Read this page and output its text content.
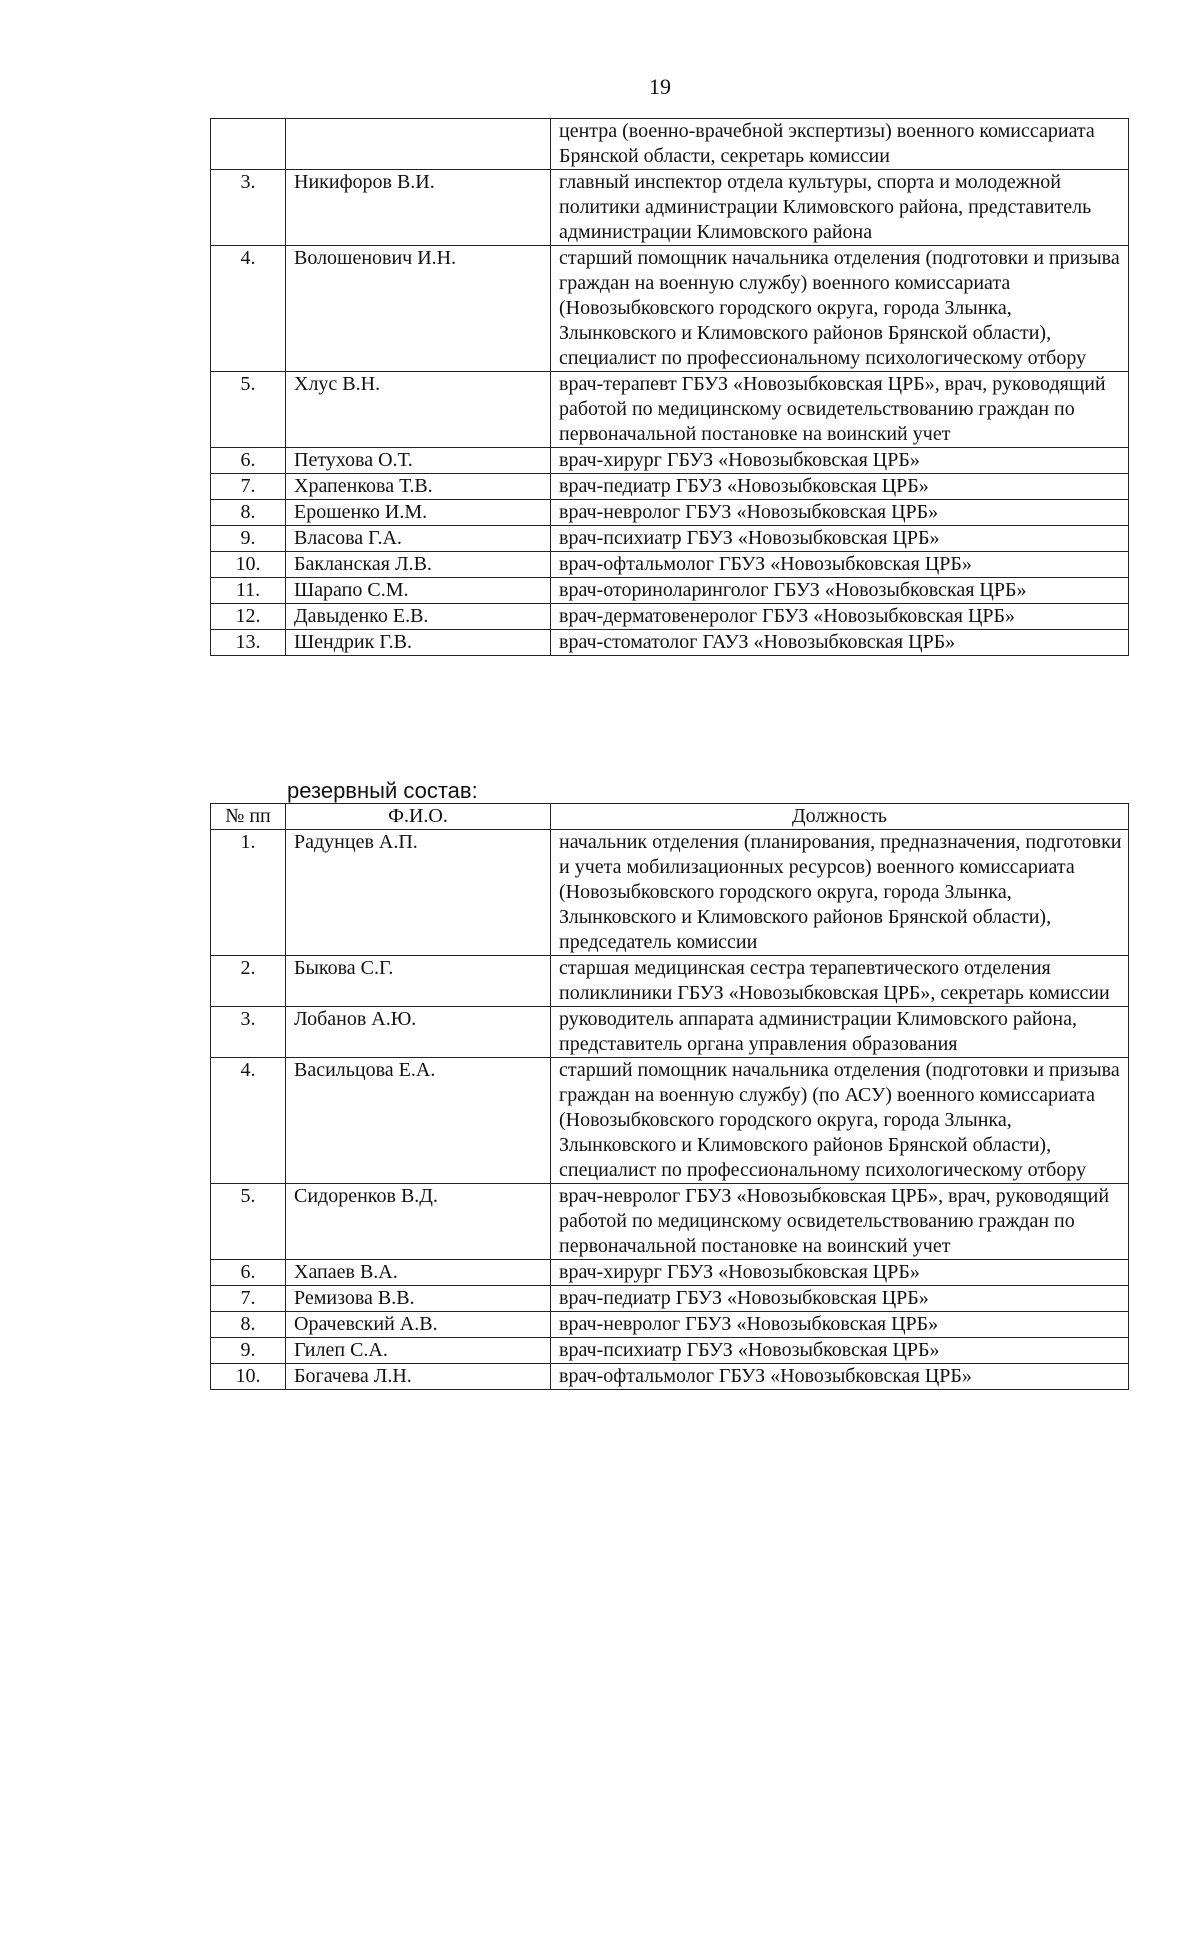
19
		центра (военно-врачебной экспертизы) военного комиссариата Брянской области, секретарь комиссии
3.	Никифоров В.И.	главный инспектор отдела культуры, спорта и молодежной политики администрации Климовского района, представитель администрации Климовского района
4.	Волошенович И.Н.	старший помощник начальника отделения (подготовки и призыва граждан на военную службу) военного комиссариата (Новозыбковского городского округа, города Злынка, Злынковского и Климовского районов Брянской области), специалист по профессиональному психологическому отбору
5.	Хлус В.Н.	врач-терапевт ГБУЗ «Новозыбковская ЦРБ», врач, руководящий работой по медицинскому освидетельствованию граждан по первоначальной постановке на воинский учет
6.	Петухова О.Т.	врач-хирург ГБУЗ «Новозыбковская ЦРБ»
7.	Храпенкова Т.В.	врач-педиатр ГБУЗ «Новозыбковская ЦРБ»
8.	Ерошенко И.М.	врач-невролог ГБУЗ «Новозыбковская ЦРБ»
9.	Власова Г.А.	врач-психиатр ГБУЗ «Новозыбковская ЦРБ»
10.	Бакланская Л.В.	врач-офтальмолог ГБУЗ «Новозыбковская ЦРБ»
11.	Шарапо С.М.	врач-оториноларинголог ГБУЗ «Новозыбковская ЦРБ»
12.	Давыденко Е.В.	врач-дерматовенеролог ГБУЗ «Новозыбковская ЦРБ»
13.	Шендрик Г.В.	врач-стоматолог ГАУЗ «Новозыбковская ЦРБ»
резервный состав:
№ пп	Ф.И.О.	Должность
1.	Радунцев А.П.	начальник отделения (планирования, предназначения, подготовки и учета мобилизационных ресурсов) военного комиссариата (Новозыбковского городского округа, города Злынка, Злынковского и Климовского районов Брянской области), председатель комиссии
2.	Быкова С.Г.	старшая медицинская сестра терапевтического отделения поликлиники ГБУЗ «Новозыбковская ЦРБ», секретарь комиссии
3.	Лобанов А.Ю.	руководитель аппарата администрации Климовского района, представитель органа управления образования
4.	Васильцова Е.А.	старший помощник начальника отделения (подготовки и призыва граждан на военную службу) (по АСУ) военного комиссариата (Новозыбковского городского округа, города Злынка, Злынковского и Климовского районов Брянской области), специалист по профессиональному психологическому отбору
5.	Сидоренков В.Д.	врач-невролог ГБУЗ «Новозыбковская ЦРБ», врач, руководящий работой по медицинскому освидетельствованию граждан по первоначальной постановке на воинский учет
6.	Хапаев В.А.	врач-хирург ГБУЗ «Новозыбковская ЦРБ»
7.	Ремизова В.В.	врач-педиатр ГБУЗ «Новозыбковская ЦРБ»
8.	Орачевский А.В.	врач-невролог ГБУЗ «Новозыбковская ЦРБ»
9.	Гилеп С.А.	врач-психиатр ГБУЗ «Новозыбковская ЦРБ»
10.	Богачева Л.Н.	врач-офтальмолог ГБУЗ «Новозыбковская ЦРБ»
